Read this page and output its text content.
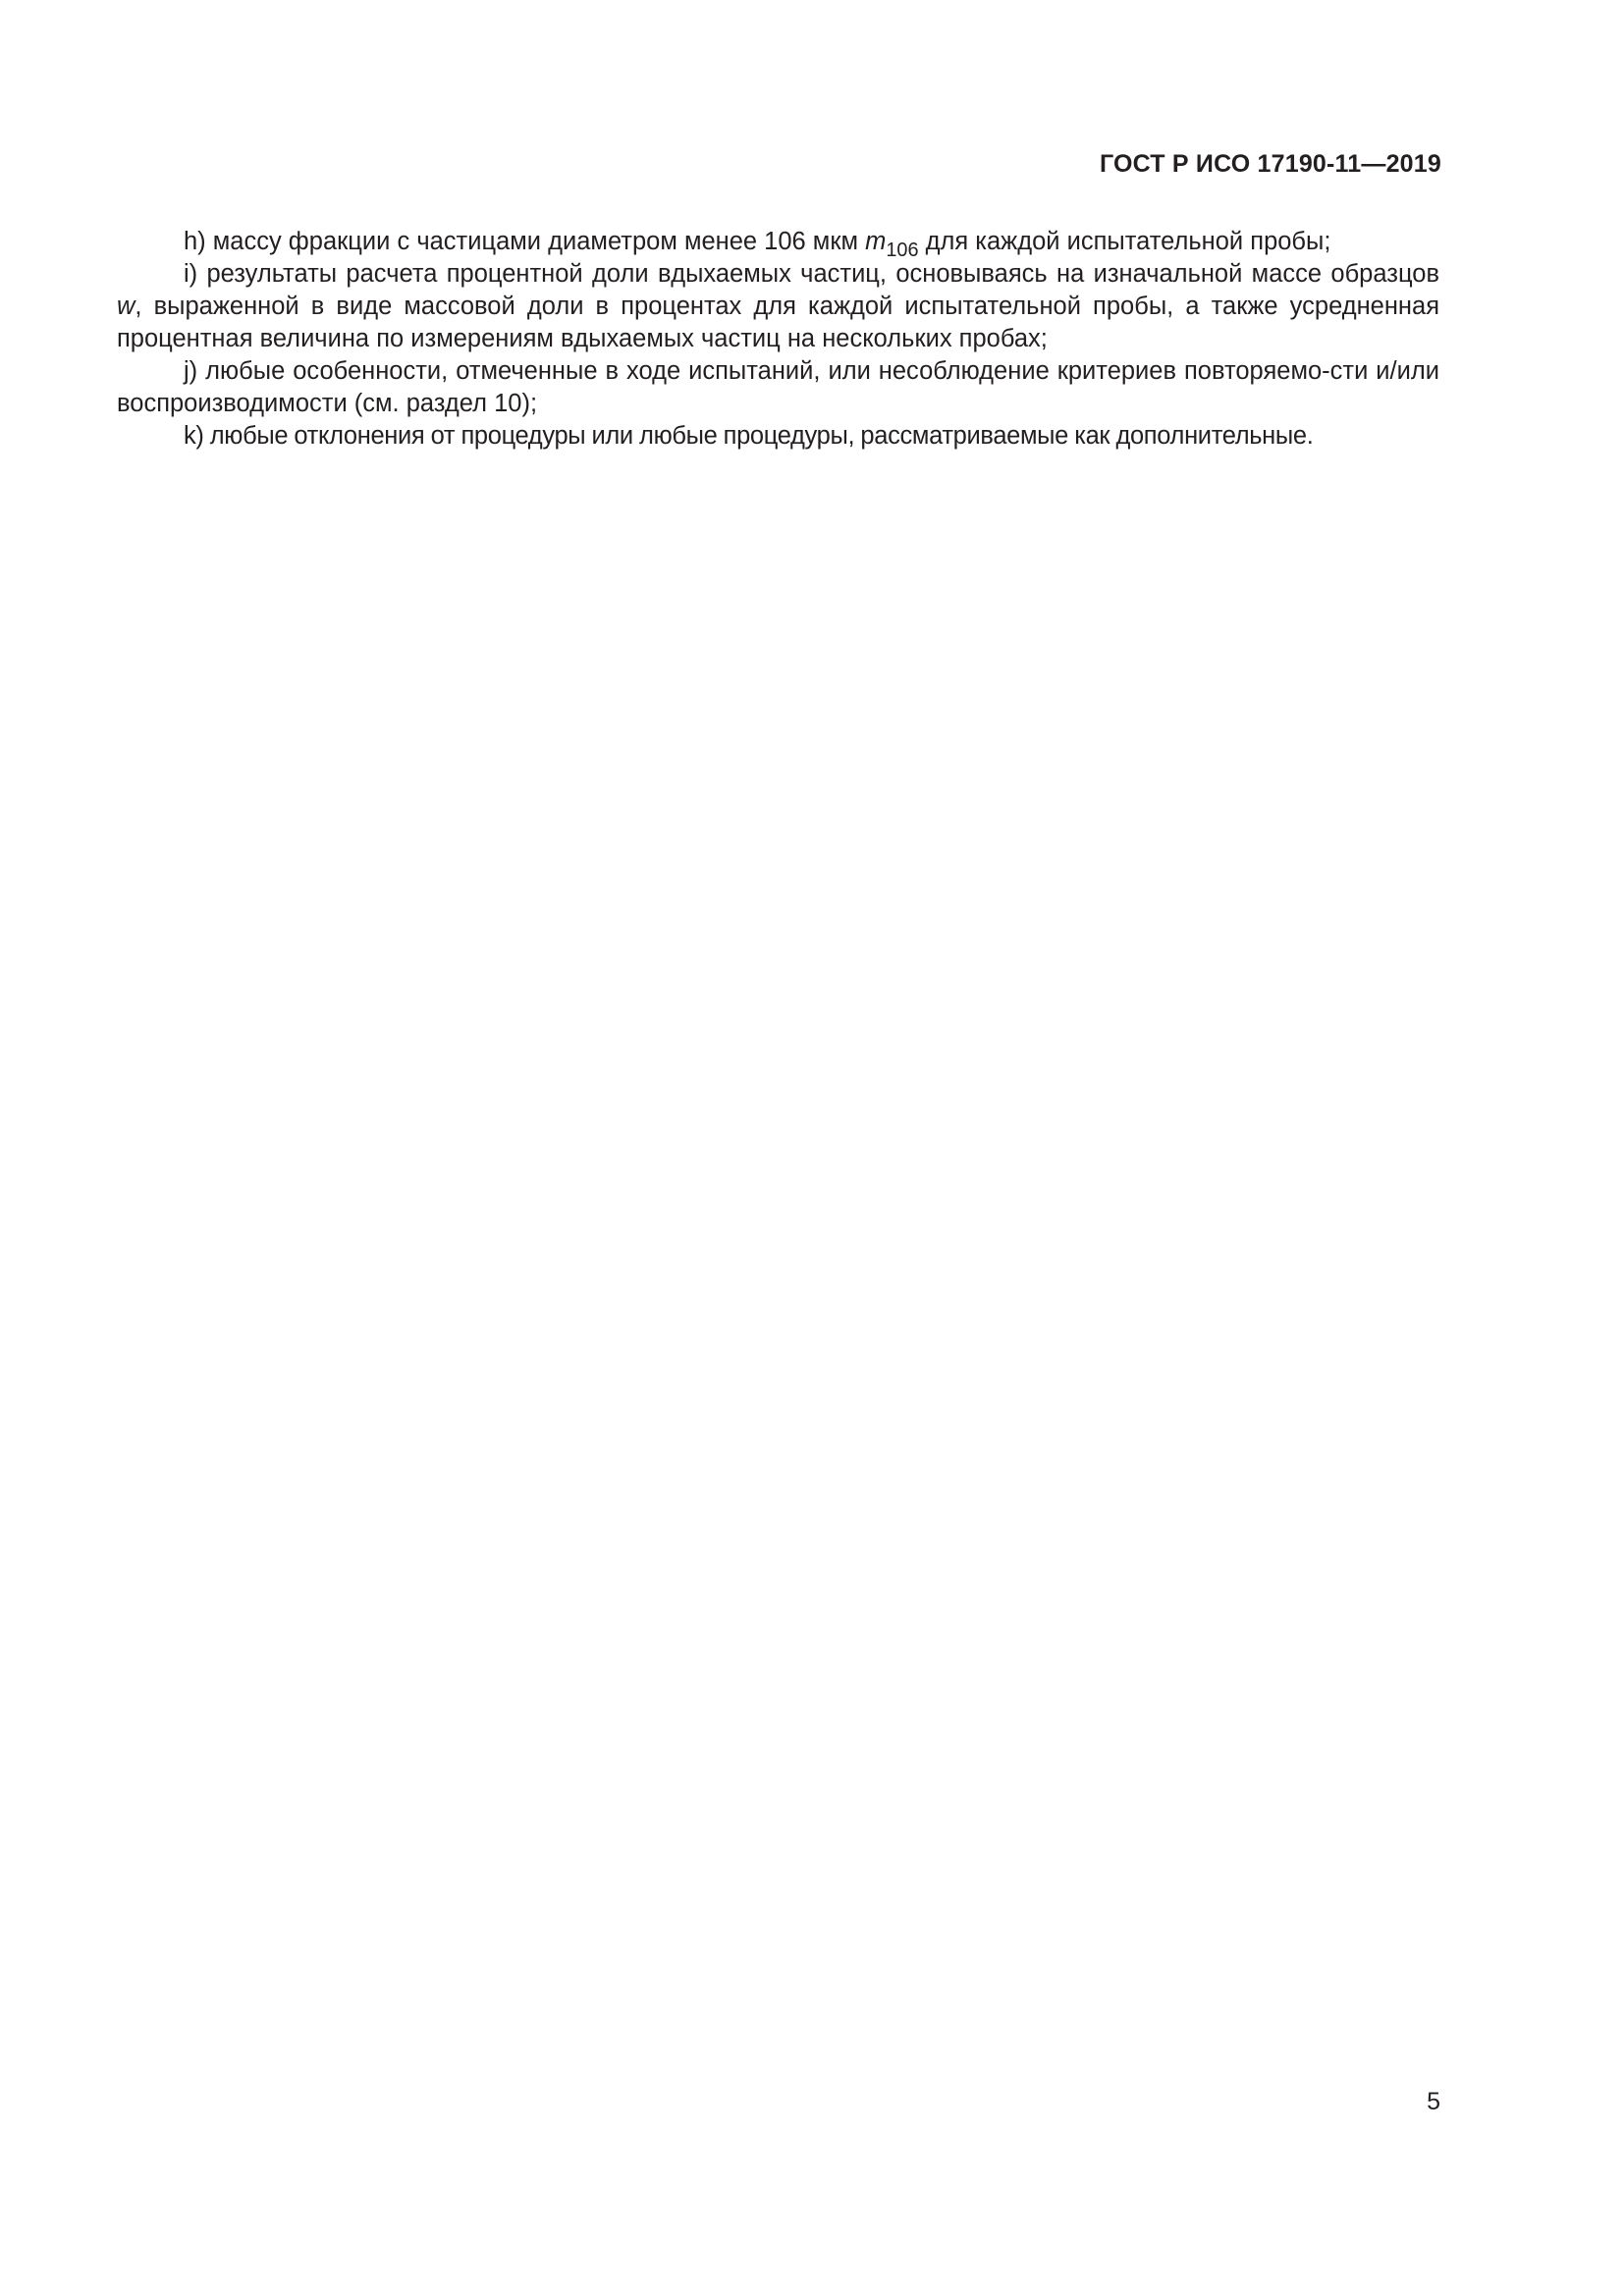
ГОСТ Р ИСО 17190-11—2019

h) массу фракции с частицами диаметром менее 106 мкм $m_{106}$ для каждой испытательной пробы;

i) результаты расчета процентной доли вдыхаемых частиц, основываясь на изначальной массе образцов w, выраженной в виде массовой доли в процентах для каждой испытательной пробы, а также усредненная процентная величина по измерениям вдыхаемых частиц на нескольких пробах;

j) любые особенности, отмеченные в ходе испытаний, или несоблюдение критериев повторяемо-сти и/или воспроизводимости (см. раздел 10);

k) любые отклонения от процедуры или любые процедуры, рассматриваемые как дополнительные.

5
